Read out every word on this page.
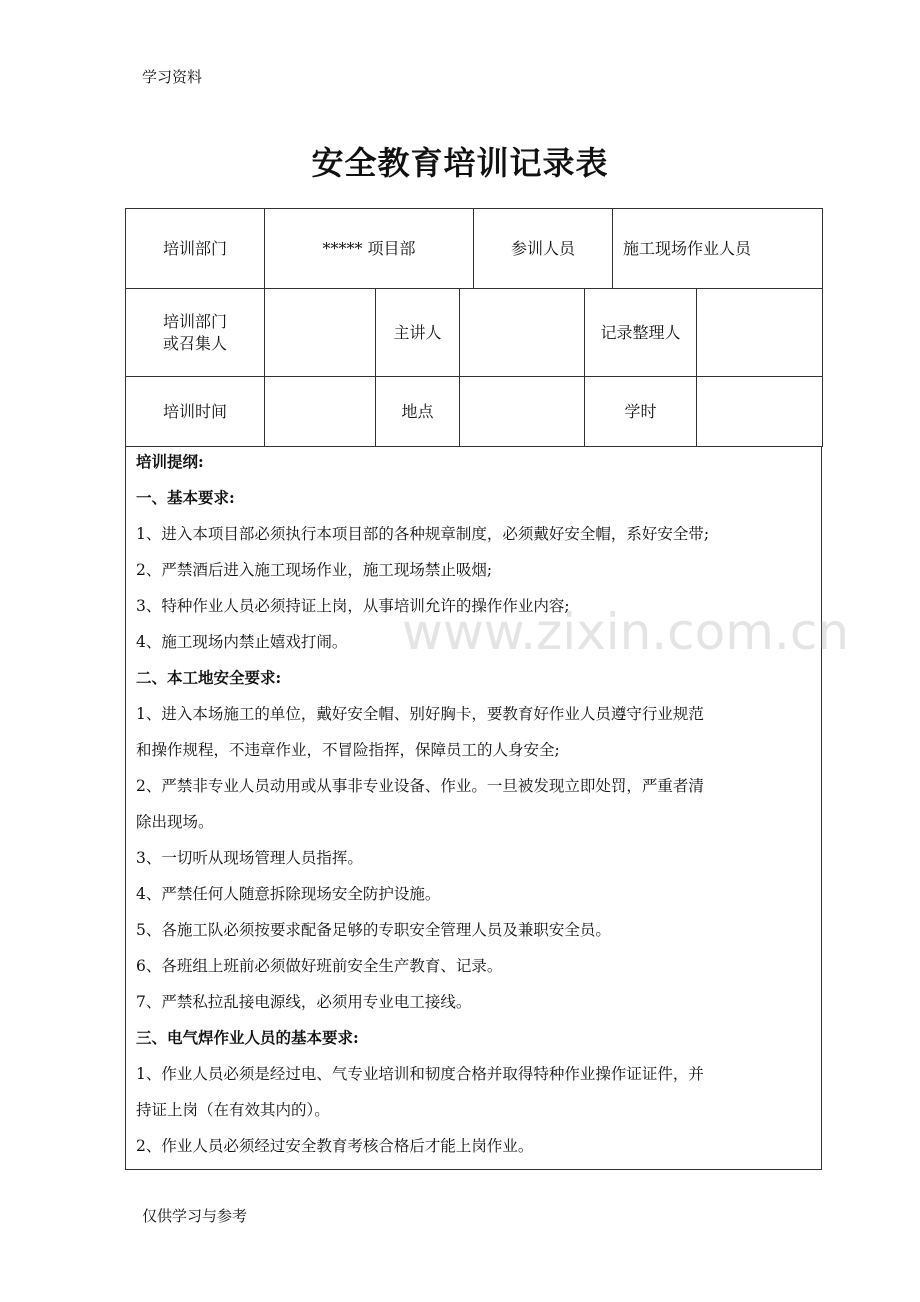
学习资料
安全教育培训记录表
培训部门	***** 项目部	参训人员	施工现场作业人员
培训部门
或召集人		主讲人		记录整理人	
培训时间		地点		学时	

培训提纲:

一、基本要求:

1、进入本项目部必须执行本项目部的各种规章制度，必须戴好安全帽，系好安全带;

2、严禁酒后进入施工现场作业，施工现场禁止吸烟;

3、特种作业人员必须持证上岗，从事培训允许的操作作业内容;

4、施工现场内禁止嬉戏打闹。

二、本工地安全要求:

1、进入本场施工的单位，戴好安全帽、别好胸卡，要教育好作业人员遵守行业规范
和操作规程，不违章作业，不冒险指挥，保障员工的人身安全;
2、严禁非专业人员动用或从事非专业设备、作业。一旦被发现立即处罚，严重者清
除出现场。

3、一切听从现场管理人员指挥。

4、严禁任何人随意拆除现场安全防护设施。

5、各施工队必须按要求配备足够的专职安全管理人员及兼职安全员。

6、各班组上班前必须做好班前安全生产教育、记录。

7、严禁私拉乱接电源线，必须用专业电工接线。

三、电气焊作业人员的基本要求:

1、作业人员必须是经过电、气专业培训和韧度合格并取得特种作业操作证证件，并
持证上岗（在有效其内的）。

2、作业人员必须经过安全教育考核合格后才能上岗作业。

www.zixin.com.cn
仅供学习与参考
